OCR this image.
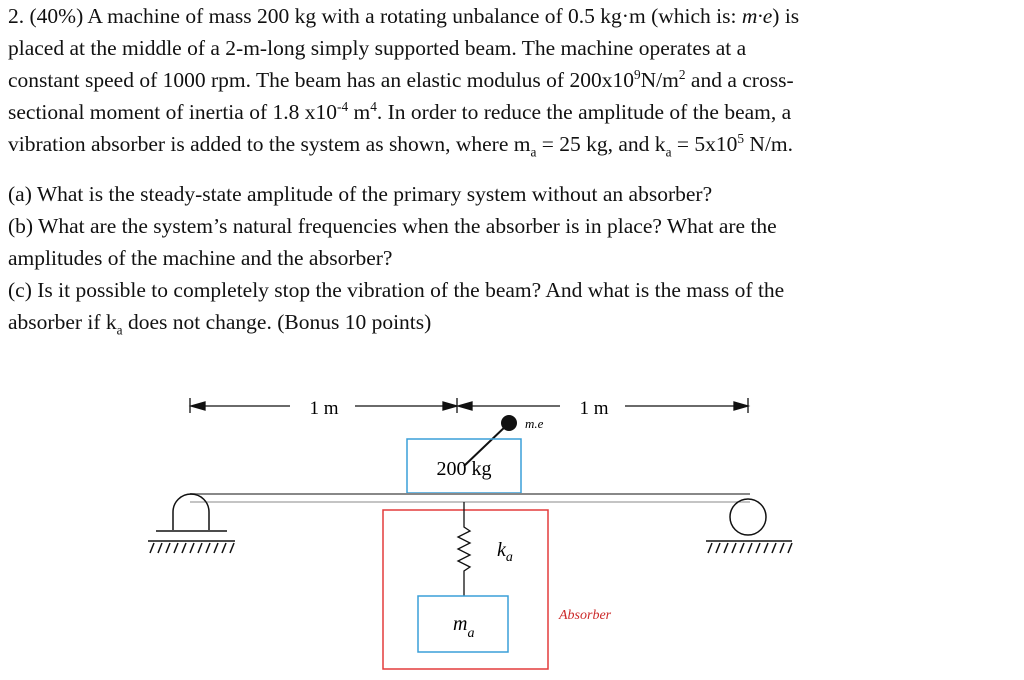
2. (40%) A machine of mass 200 kg with a rotating unbalance of 0.5 kg·m (which is: m·e) is
placed at the middle of a 2-m-long simply supported beam. The machine operates at a
constant speed of 1000 rpm. The beam has an elastic modulus of $200x10^9N/m^2$ and a cross-
sectional moment of inertia of 1.8 $x10^{-4}$ $m^4$. In order to reduce the amplitude of the beam, a
vibration absorber is added to the system as shown, where $m_a = 25$ kg, and $k_a = 5x10^5$ N/m.

(a) What is the steady-state amplitude of the primary system without an absorber?
(b) What are the system’s natural frequencies when the absorber is in place? What are the
amplitudes of the machine and the absorber?
(c) Is it possible to completely stop the vibration of the beam? And what is the mass of the
absorber if $k_a$ does not change. (Bonus 10 points)

1 m	1 m
m.e
200 kg
$k_a$
$m_a$
Absorber
